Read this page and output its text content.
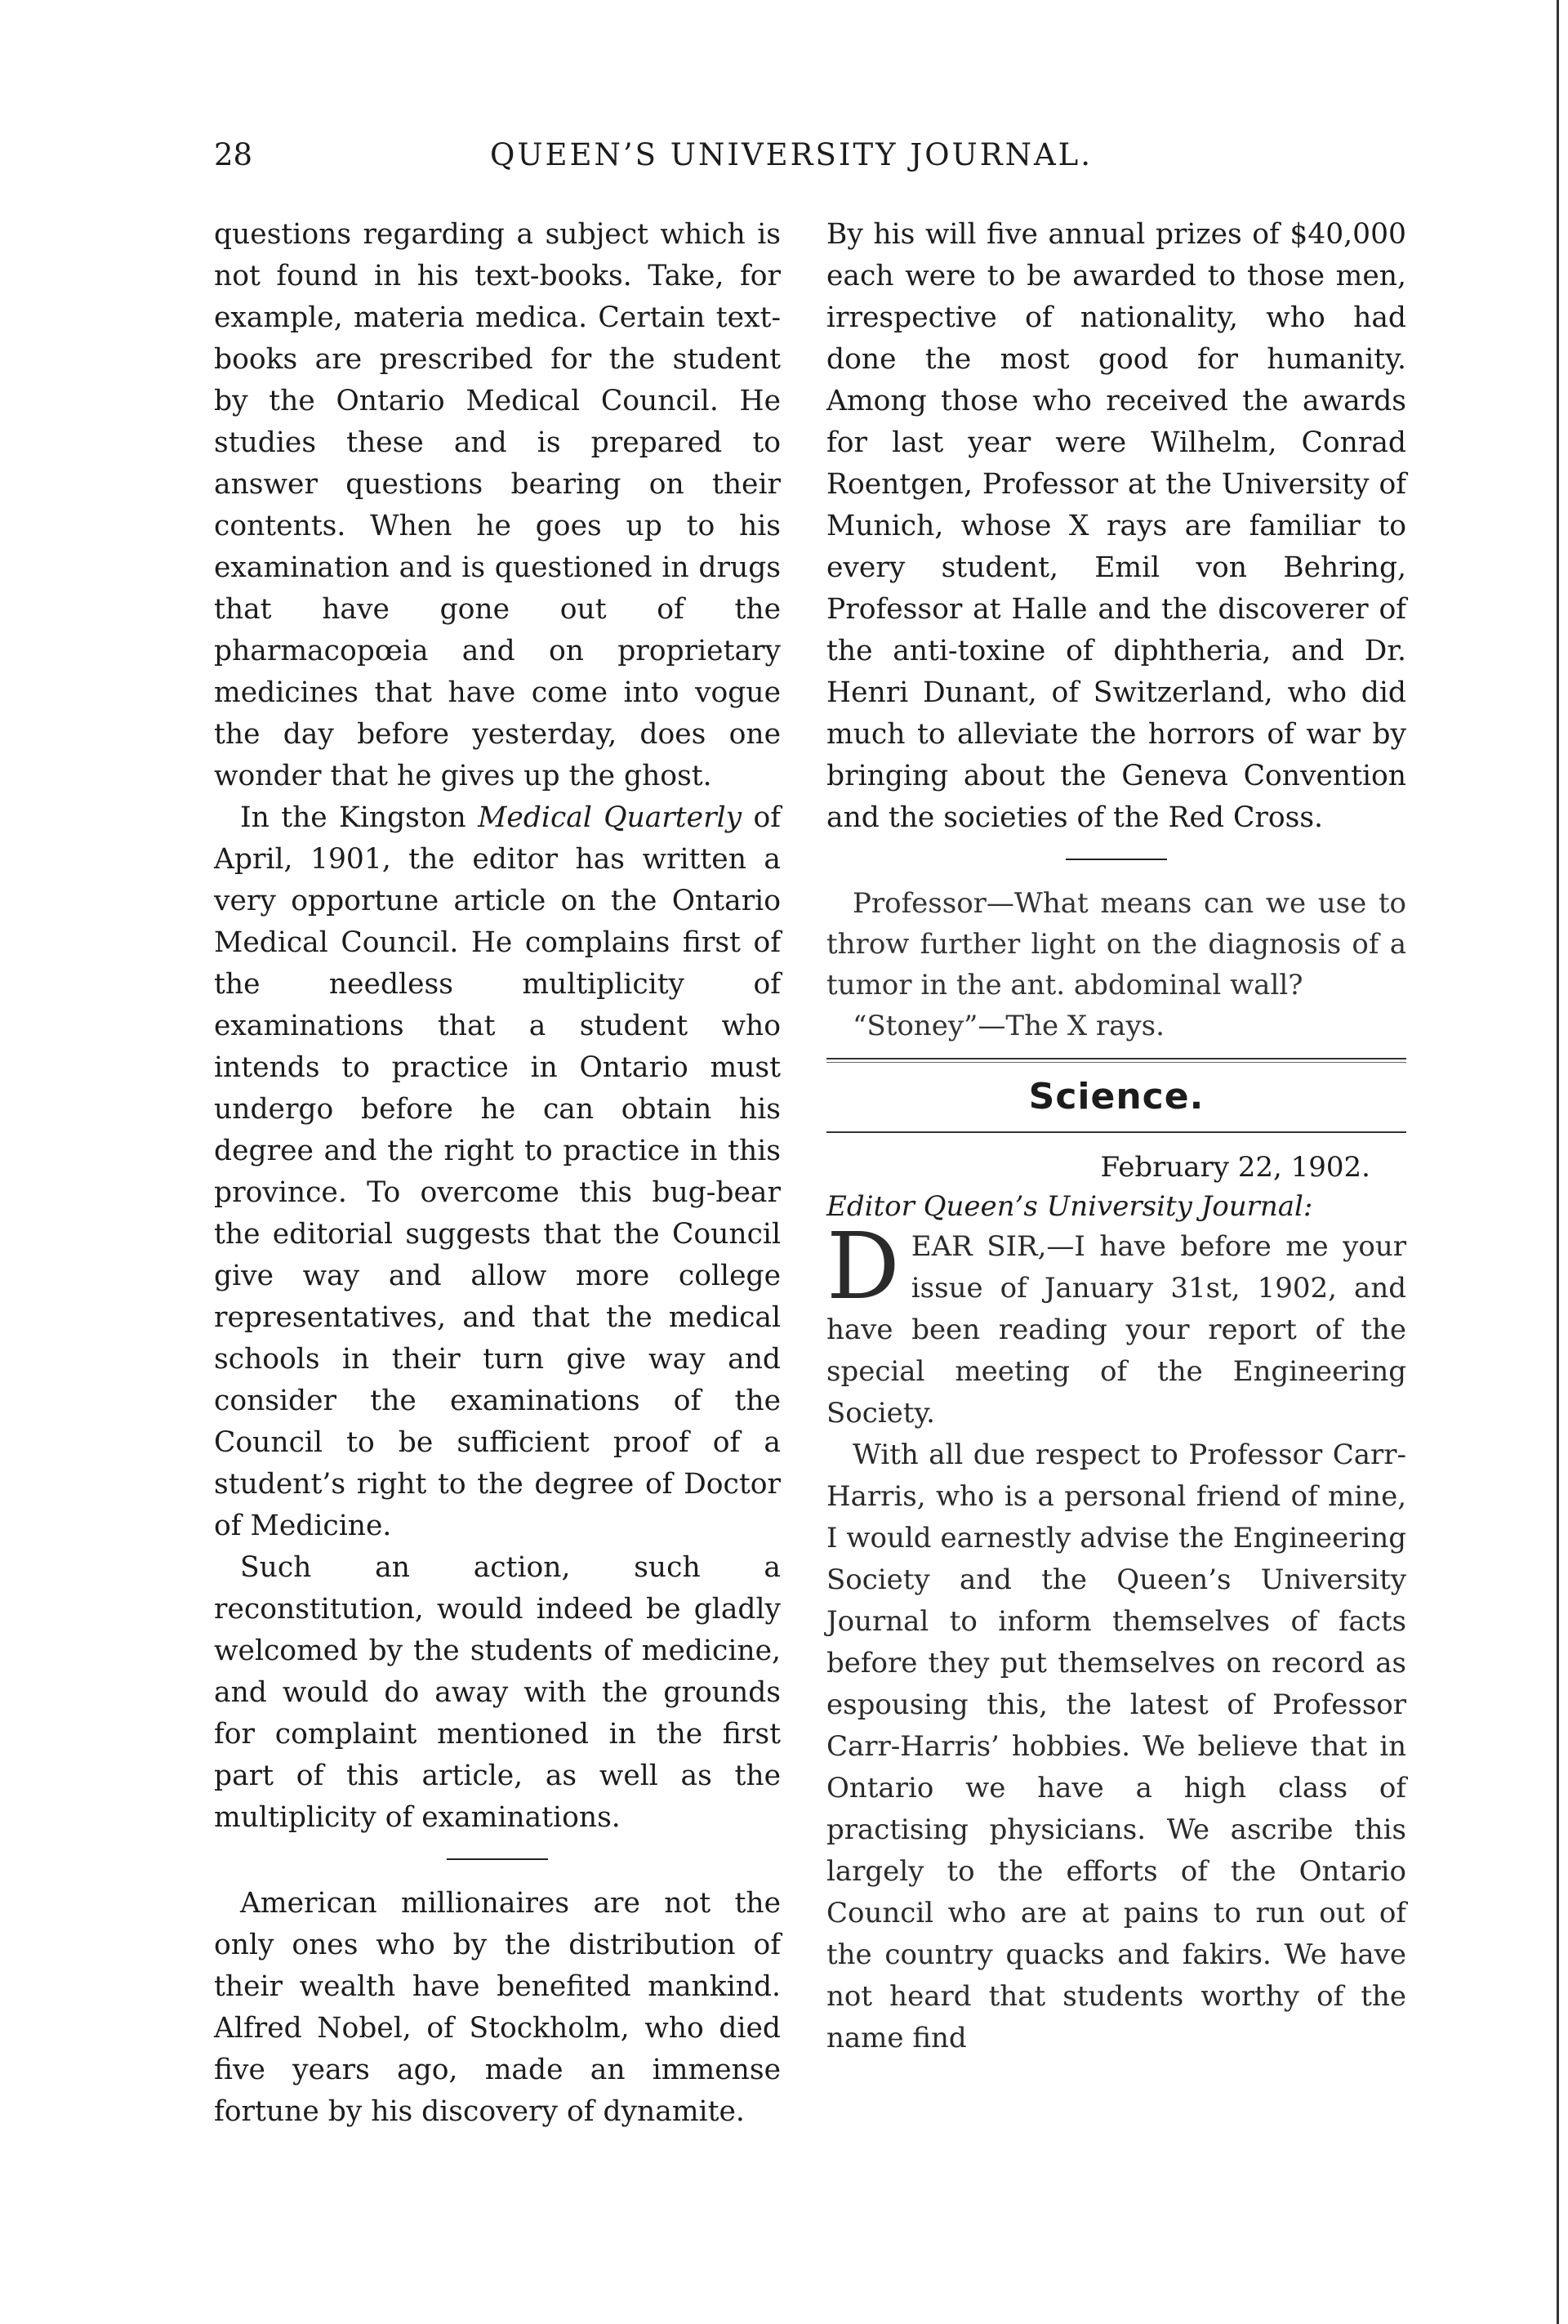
28	QUEEN’S UNIVERSITY JOURNAL.

questions regarding a subject which is not found in his text-books. Take, for example, materia medica. Certain text-books are prescribed for the student by the Ontario Medical Council. He studies these and is prepared to answer questions bearing on their contents. When he goes up to his examination and is questioned in drugs that have gone out of the pharmacopœia and on proprietary medicines that have come into vogue the day before yesterday, does one wonder that he gives up the ghost.

In the Kingston Medical Quarterly of April, 1901, the editor has written a very opportune article on the Ontario Medical Council. He complains first of the needless multiplicity of examinations that a student who intends to practice in Ontario must undergo before he can obtain his degree and the right to practice in this province. To overcome this bug-bear the editorial suggests that the Council give way and allow more college representatives, and that the medical schools in their turn give way and consider the examinations of the Council to be sufficient proof of a student’s right to the degree of Doctor of Medicine.

Such an action, such a reconstitution, would indeed be gladly welcomed by the students of medicine, and would do away with the grounds for complaint mentioned in the first part of this article, as well as the multiplicity of examinations.

American millionaires are not the only ones who by the distribution of their wealth have benefited mankind. Alfred Nobel, of Stockholm, who died five years ago, made an immense fortune by his discovery of dynamite.

By his will five annual prizes of $40,000 each were to be awarded to those men, irrespective of nationality, who had done the most good for humanity. Among those who received the awards for last year were Wilhelm, Conrad Roentgen, Professor at the University of Munich, whose X rays are familiar to every student, Emil von Behring, Professor at Halle and the discoverer of the anti-toxine of diphtheria, and Dr. Henri Dunant, of Switzerland, who did much to alleviate the horrors of war by bringing about the Geneva Convention and the societies of the Red Cross.

Professor—What means can we use to throw further light on the diagnosis of a tumor in the ant. abdominal wall?

“Stoney”—The X rays.

Science.
February 22, 1902.
Editor Queen’s University Journal:

DEAR SIR,—I have before me your issue of January 31st, 1902, and have been reading your report of the special meeting of the Engineering Society.

With all due respect to Professor Carr-Harris, who is a personal friend of mine, I would earnestly advise the Engineering Society and the Queen’s University Journal to inform themselves of facts before they put themselves on record as espousing this, the latest of Professor Carr-Harris’ hobbies. We believe that in Ontario we have a high class of practising physicians. We ascribe this largely to the efforts of the Ontario Council who are at pains to run out of the country quacks and fakirs. We have not heard that students worthy of the name find
